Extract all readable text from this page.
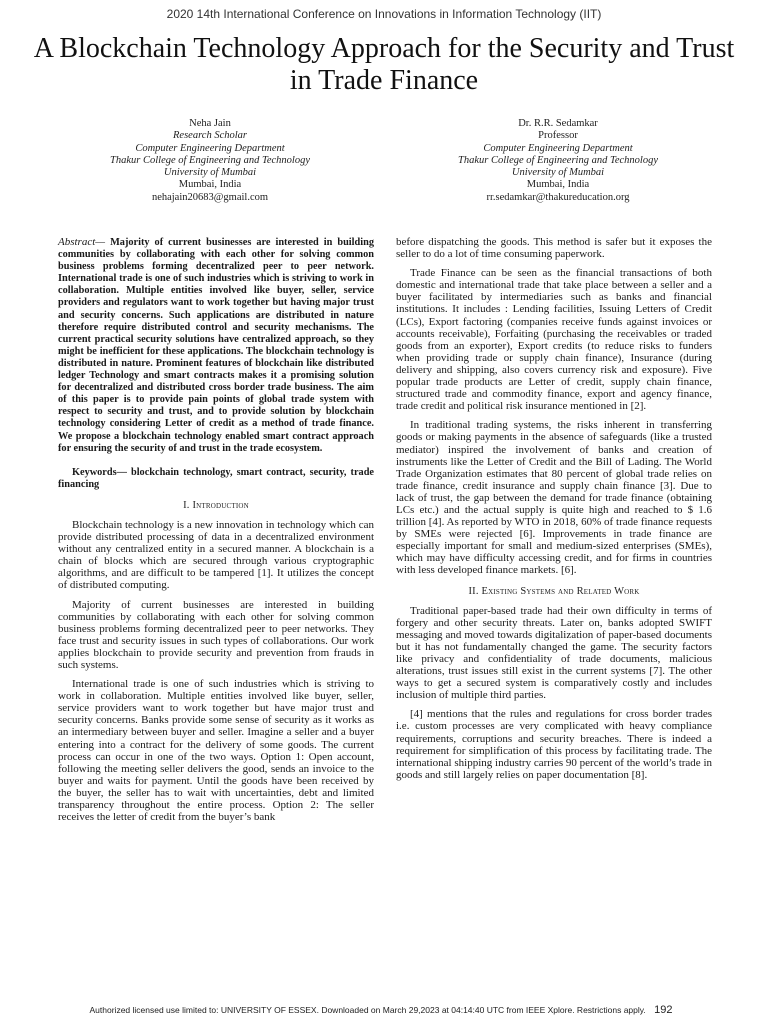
2020 14th International Conference on Innovations in Information Technology (IIT)
A Blockchain Technology Approach for the Security and Trust in Trade Finance
Neha Jain
Research Scholar
Computer Engineering Department
Thakur College of Engineering and Technology
University of Mumbai
Mumbai, India
nehajain20683@gmail.com
Dr. R.R. Sedamkar
Professor
Computer Engineering Department
Thakur College of Engineering and Technology
University of Mumbai
Mumbai, India
rr.sedamkar@thakureducation.org

Abstract— Majority of current businesses are interested in building communities by collaborating with each other for solving common business problems forming decentralized peer to peer network. International trade is one of such industries which is striving to work in collaboration. Multiple entities involved like buyer, seller, service providers and regulators want to work together but having major trust and security concerns. Such applications are distributed in nature therefore require distributed control and security mechanisms. The current practical security solutions have centralized approach, so they might be inefficient for these applications. The blockchain technology is distributed in nature. Prominent features of blockchain like distributed ledger Technology and smart contracts makes it a promising solution for decentralized and distributed cross border trade business. The aim of this paper is to provide pain points of global trade system with respect to security and trust, and to provide solution by blockchain technology considering Letter of credit as a method of trade finance. We propose a blockchain technology enabled smart contract approach for ensuring the security of and trust in the trade ecosystem.

Keywords— blockchain technology, smart contract, security, trade financing

I. Introduction

Blockchain technology is a new innovation in technology which can provide distributed processing of data in a decentralized environment without any centralized entity in a secured manner. A blockchain is a chain of blocks which are secured through various cryptographic algorithms, and are difficult to be tampered [1]. It utilizes the concept of distributed computing.

Majority of current businesses are interested in building communities by collaborating with each other for solving common business problems forming decentralized peer to peer networks. They face trust and security issues in such types of collaborations. Our work applies blockchain to provide security and prevention from frauds in such systems.

International trade is one of such industries which is striving to work in collaboration. Multiple entities involved like buyer, seller, service providers want to work together but have major trust and security concerns. Banks provide some sense of security as it works as an intermediary between buyer and seller. Imagine a seller and a buyer entering into a contract for the delivery of some goods. The current process can occur in one of the two ways. Option 1: Open account, following the meeting seller delivers the good, sends an invoice to the buyer and waits for payment. Until the goods have been received by the buyer, the seller has to wait with uncertainties, debt and limited transparency throughout the entire process. Option 2: The seller receives the letter of credit from the buyer’s bank

before dispatching the goods. This method is safer but it exposes the seller to do a lot of time consuming paperwork.

Trade Finance can be seen as the financial transactions of both domestic and international trade that take place between a seller and a buyer facilitated by intermediaries such as banks and financial institutions. It includes : Lending facilities, Issuing Letters of Credit (LCs), Export factoring (companies receive funds against invoices or accounts receivable), Forfaiting (purchasing the receivables or traded goods from an exporter), Export credits (to reduce risks to funders when providing trade or supply chain finance), Insurance (during delivery and shipping, also covers currency risk and exposure). Five popular trade products are Letter of credit, supply chain finance, structured trade and commodity finance, export and agency finance, trade credit and political risk insurance mentioned in [2].

In traditional trading systems, the risks inherent in transferring goods or making payments in the absence of safeguards (like a trusted mediator) inspired the involvement of banks and creation of instruments like the Letter of Credit and the Bill of Lading. The World Trade Organization estimates that 80 percent of global trade relies on trade finance, credit insurance and supply chain finance [3]. Due to lack of trust, the gap between the demand for trade finance (obtaining LCs etc.) and the actual supply is quite high and reached to $ 1.6 trillion [4]. As reported by WTO in 2018, 60% of trade finance requests by SMEs were rejected [6]. Improvements in trade finance are especially important for small and medium-sized enterprises (SMEs), which may have difficulty accessing credit, and for firms in countries with less developed finance markets. [6].

II. Existing Systems and Related Work

Traditional paper-based trade had their own difficulty in terms of forgery and other security threats. Later on, banks adopted SWIFT messaging and moved towards digitalization of paper-based documents but it has not fundamentally changed the game. The security factors like privacy and confidentiality of trade documents, malicious alterations, trust issues still exist in the current systems [7]. The other ways to get a secured system is comparatively costly and includes inclusion of multiple third parties.

[4] mentions that the rules and regulations for cross border trades i.e. custom processes are very complicated with heavy compliance requirements, corruptions and security breaches. There is indeed a requirement for simplification of this process by facilitating trade. The international shipping industry carries 90 percent of the world’s trade in goods and still largely relies on paper documentation [8].

Authorized licensed use limited to: UNIVERSITY OF ESSEX. Downloaded on March 29,2023 at 04:14:40 UTC from IEEE Xplore. Restrictions apply. 192
